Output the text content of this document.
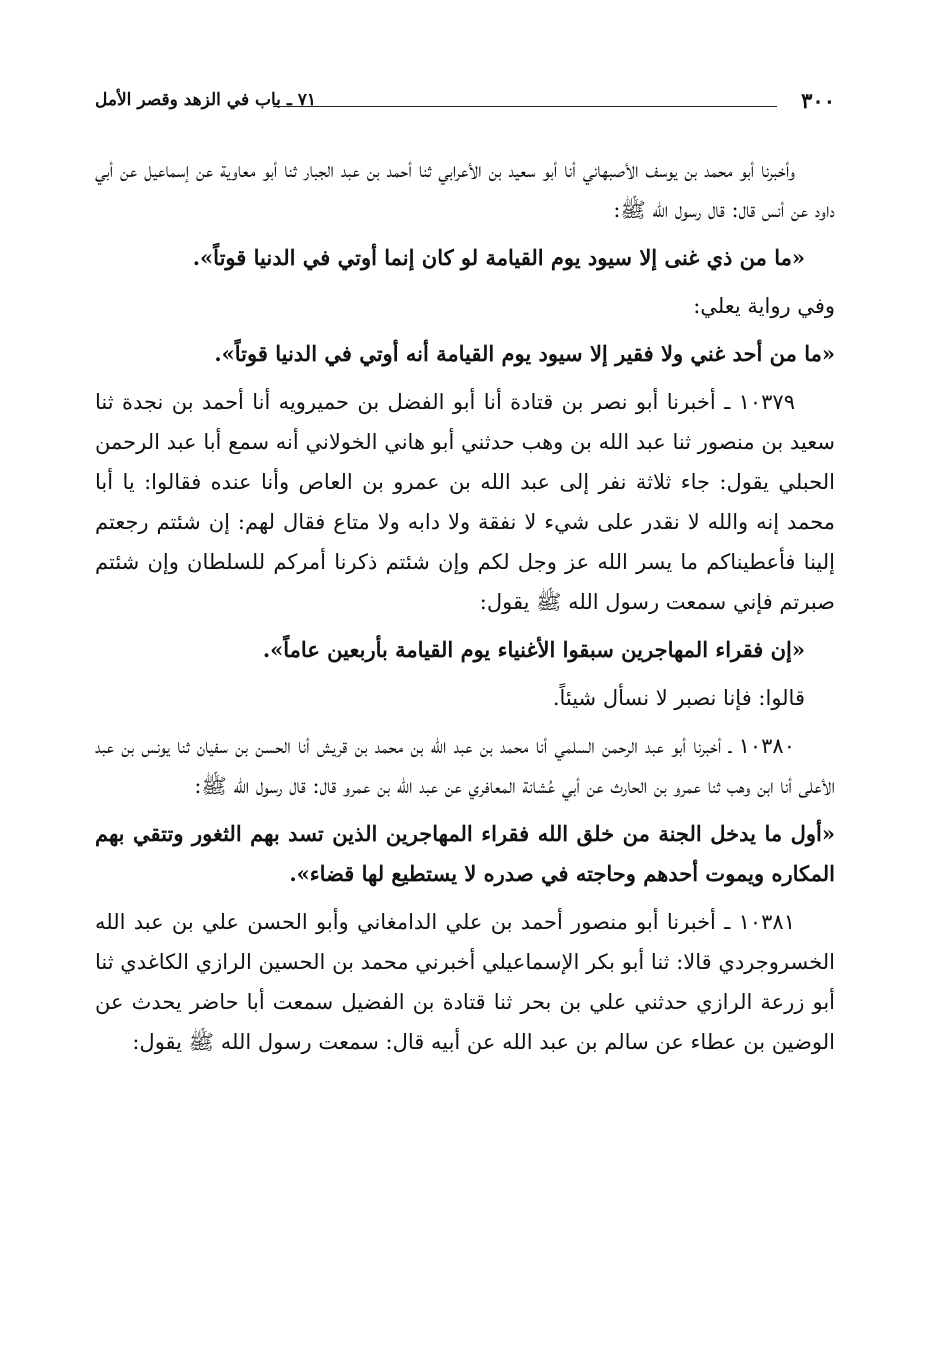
٣٠٠
٧١ ـ باب في الزهد وقصر الأمل

وأخبرنا أبو محمد بن يوسف الأصبهاني أنا أبو سعيد بن الأعرابي ثنا أحمد بن عبد الجبار ثنا أبو معاوية عن إسماعيل عن أبي داود عن أنس قال: قال رسول الله ﷺ:

«ما من ذي غنى إلا سيود يوم القيامة لو كان إنما أوتي في الدنيا قوتاً».

وفي رواية يعلي:

«ما من أحد غني ولا فقير إلا سيود يوم القيامة أنه أوتي في الدنيا قوتاً».

١٠٣٧٩ ـ أخبرنا أبو نصر بن قتادة أنا أبو الفضل بن حميرويه أنا أحمد بن نجدة ثنا سعيد بن منصور ثنا عبد الله بن وهب حدثني أبو هاني الخولاني أنه سمع أبا عبد الرحمن الحبلي يقول: جاء ثلاثة نفر إلى عبد الله بن عمرو بن العاص وأنا عنده فقالوا: يا أبا محمد إنه والله لا نقدر على شيء لا نفقة ولا دابه ولا متاع فقال لهم: إن شئتم رجعتم إلينا فأعطيناكم ما يسر الله عز وجل لكم وإن شئتم ذكرنا أمركم للسلطان وإن شئتم صبرتم فإني سمعت رسول الله ﷺ يقول:

«إن فقراء المهاجرين سبقوا الأغنياء يوم القيامة بأربعين عاماً».

قالوا: فإنا نصبر لا نسأل شيئاً.

١٠٣٨٠ ـ أخبرنا أبو عبد الرحمن السلمي أنا محمد بن عبد الله بن محمد بن قريش أنا الحسن بن سفيان ثنا يونس بن عبد الأعلى أنا ابن وهب ثنا عمرو بن الحارث عن أبي عُشانة المعافري عن عبد الله بن عمرو قال: قال رسول الله ﷺ:

«أول ما يدخل الجنة من خلق الله فقراء المهاجرين الذين تسد بهم الثغور وتتقي بهم المكاره ويموت أحدهم وحاجته في صدره لا يستطيع لها قضاء».

١٠٣٨١ ـ أخبرنا أبو منصور أحمد بن علي الدامغاني وأبو الحسن علي بن عبد الله الخسروجردي قالا: ثنا أبو بكر الإسماعيلي أخبرني محمد بن الحسين الرازي الكاغدي ثنا أبو زرعة الرازي حدثني علي بن بحر ثنا قتادة بن الفضيل سمعت أبا حاضر يحدث عن الوضين بن عطاء عن سالم بن عبد الله عن أبيه قال: سمعت رسول الله ﷺ يقول:
